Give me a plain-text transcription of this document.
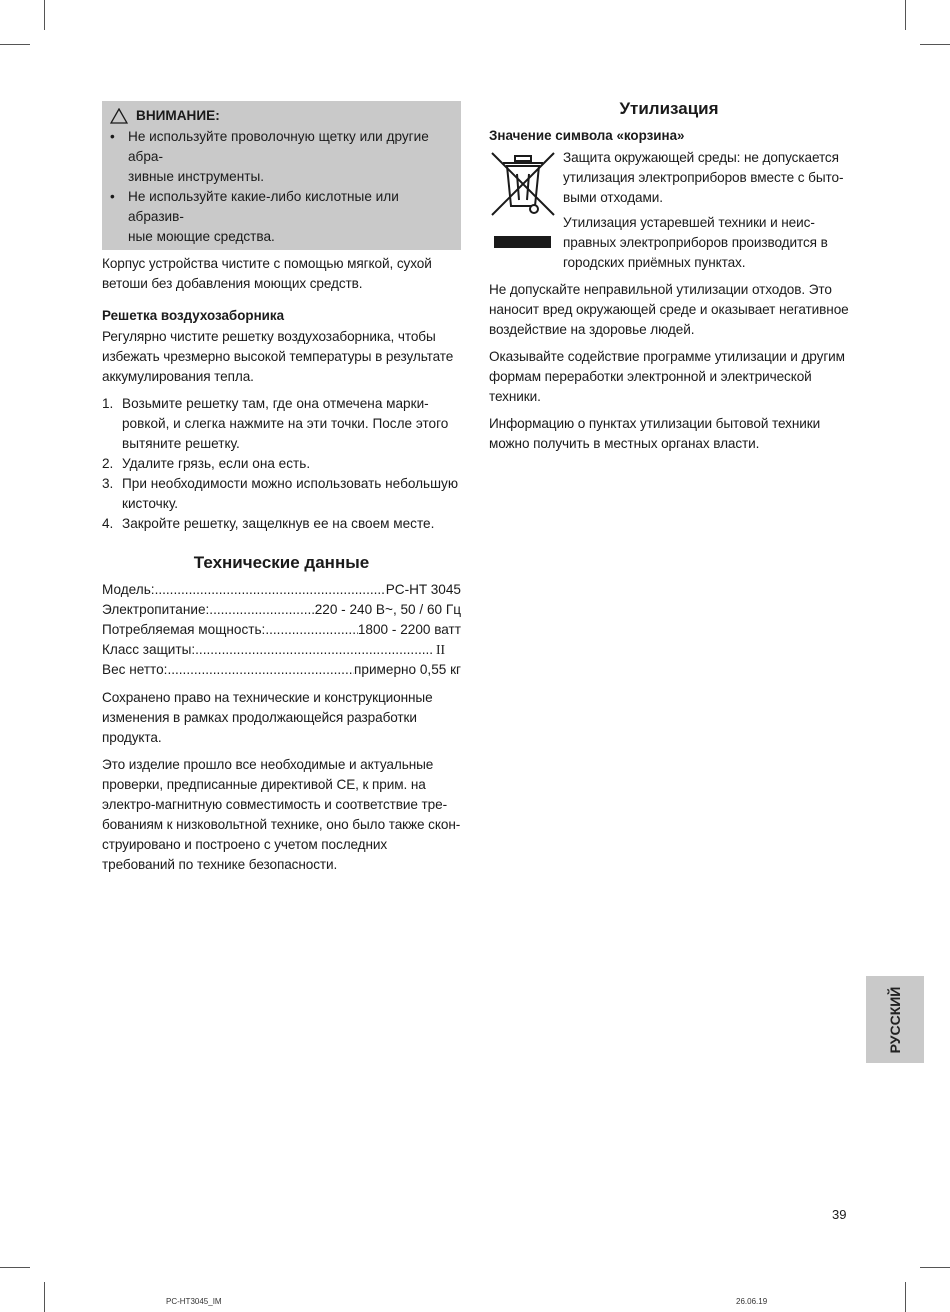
ВНИМАНИЕ:
• Не используйте проволочную щетку или другие абра-
зивные инструменты.
• Не используйте какие-либо кислотные или абразив-
ные моющие средства.

Корпус устройства чистите с помощью мягкой, сухой ветоши без добавления моющих средств.

Решетка воздухозаборника

Регулярно чистите решетку воздухозаборника, чтобы избежать чрезмерно высокой температуры в результате аккумулирования тепла.

1. Возьмите решетку там, где она отмечена марки-
ровкой, и слегка нажмите на эти точки. После этого вытяните решетку.
2. Удалите грязь, если она есть.
3. При необходимости можно использовать небольшую кисточку.
4. Закройте решетку, защелкнув ее на своем месте.
Технические данные
Модель: .....	PC-HT 3045
Электропитание: .....	220 - 240 В~, 50 / 60 Гц
Потребляемая мощность: .....	1800 - 2200 ватт
Класс защиты: .....	II
Вес нетто: .....	примерно 0,55 кг

Сохранено право на технические и конструкционные изменения в рамках продолжающейся разработки продукта.

Это изделие прошло все необходимые и актуальные проверки, предписанные директивой CE, к прим. на электро-магнитную совместимость и соответствие тре-
бованиям к низковольтной технике, оно было также скон-
струировано и построено с учетом последних требований по технике безопасности.

Утилизация
Значение символа «корзина»

Защита окружающей среды: не допускается утилизация электроприборов вместе с быто-
выми отходами.

Утилизация устаревшей техники и неис-
правных электроприборов производится в городских приёмных пунктах.

Не допускайте неправильной утилизации отходов. Это наносит вред окружающей среде и оказывает негативное воздействие на здоровье людей.

Оказывайте содействие программе утилизации и другим формам переработки электронной и электрической техники.

Информацию о пунктах утилизации бытовой техники можно получить в местных органах власти.

РУССКИЙ
39
PC-HT3045_IM	26.06.19
